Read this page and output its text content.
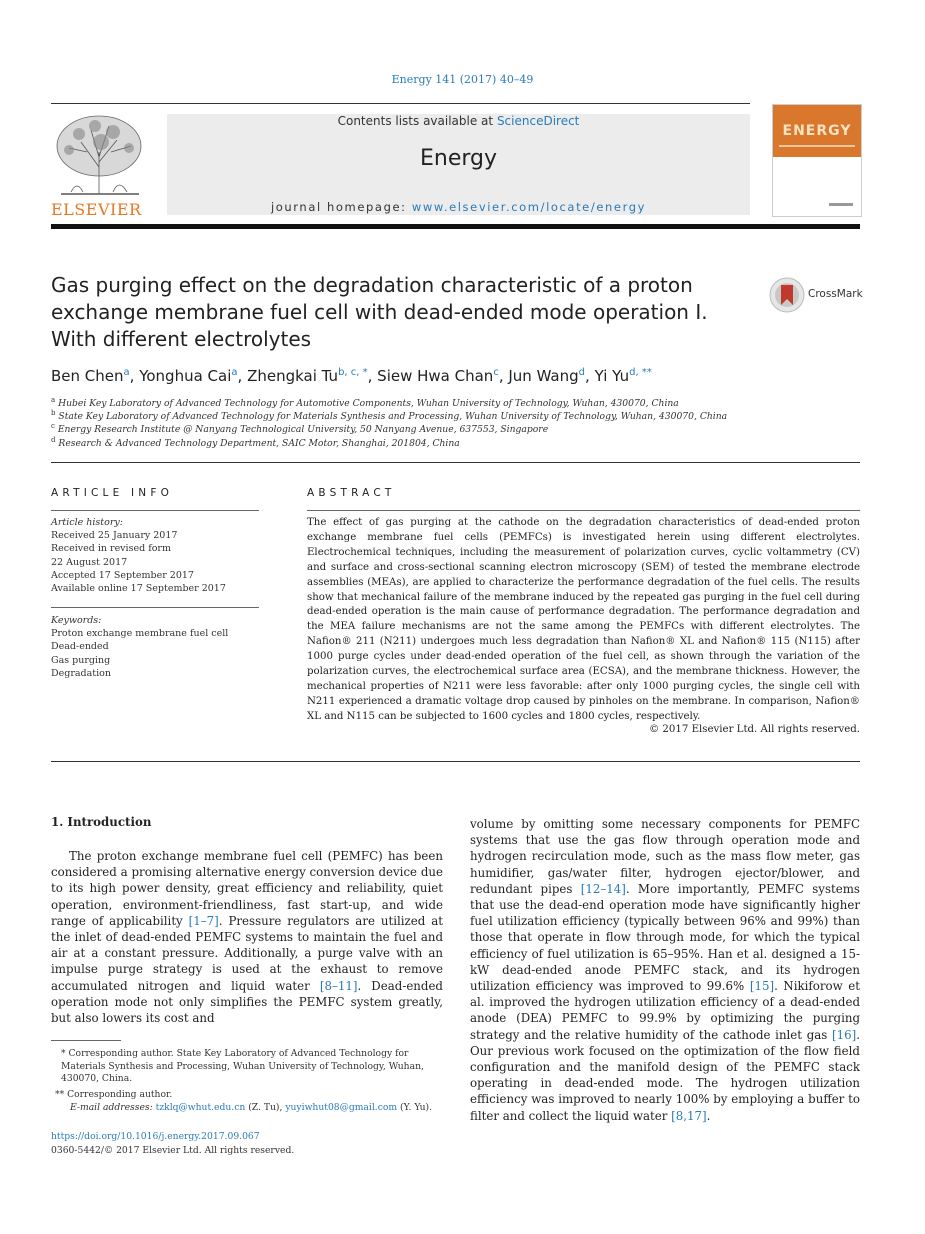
Energy 141 (2017) 40–49
ELSEVIER
Contents lists available at ScienceDirect
Energy
journal homepage: www.elsevier.com/locate/energy
ENERGY
Gas purging effect on the degradation characteristic of a proton exchange membrane fuel cell with dead-ended mode operation I. With different electrolytes
CrossMark
Ben Chen$^a$, Yonghua Cai$^a$, Zhengkai $Tu^{b, c, *}$, Siew Hwa Chan$^c$, Jun Wang$^d$, Yi $Yu^{d, **}$
$^a$ Hubei Key Laboratory of Advanced Technology for Automotive Components, Wuhan University of Technology, Wuhan, 430070, China
$^b$ State Key Laboratory of Advanced Technology for Materials Synthesis and Processing, Wuhan University of Technology, Wuhan, 430070, China
$^c$ Energy Research Institute @ Nanyang Technological University, 50 Nanyang Avenue, 637553, Singapore
$^d$ Research & Advanced Technology Department, SAIC Motor, Shanghai, 201804, China
ARTICLE INFO
Article history:
Received 25 January 2017
Received in revised form
22 August 2017
Accepted 17 September 2017
Available online 17 September 2017
Keywords:
Proton exchange membrane fuel cell
Dead-ended
Gas purging
Degradation
ABSTRACT
The effect of gas purging at the cathode on the degradation characteristics of dead-ended proton exchange membrane fuel cells (PEMFCs) is investigated herein using different electrolytes. Electrochemical techniques, including the measurement of polarization curves, cyclic voltammetry (CV) and surface and cross-sectional scanning electron microscopy (SEM) of tested the membrane electrode assemblies (MEAs), are applied to characterize the performance degradation of the fuel cells. The results show that mechanical failure of the membrane induced by the repeated gas purging in the fuel cell during dead-ended operation is the main cause of performance degradation. The performance degradation and the MEA failure mechanisms are not the same among the PEMFCs with different electrolytes. The Nafion® 211 (N211) undergoes much less degradation than Nafion® XL and Nafion® 115 (N115) after 1000 purge cycles under dead-ended operation of the fuel cell, as shown through the variation of the polarization curves, the electrochemical surface area (ECSA), and the membrane thickness. However, the mechanical properties of N211 were less favorable: after only 1000 purging cycles, the single cell with N211 experienced a dramatic voltage drop caused by pinholes on the membrane. In comparison, Nafion® XL and N115 can be subjected to 1600 cycles and 1800 cycles, respectively.
© 2017 Elsevier Ltd. All rights reserved.
1. Introduction

The proton exchange membrane fuel cell (PEMFC) has been considered a promising alternative energy conversion device due to its high power density, great efficiency and reliability, quiet operation, environment-friendliness, fast start-up, and wide range of applicability [1–7]. Pressure regulators are utilized at the inlet of dead-ended PEMFC systems to maintain the fuel and air at a constant pressure. Additionally, a purge valve with an impulse purge strategy is used at the exhaust to remove accumulated nitrogen and liquid water [8–11]. Dead-ended operation mode not only simplifies the PEMFC system greatly, but also lowers its cost and

volume by omitting some necessary components for PEMFC systems that use the gas flow through operation mode and hydrogen recirculation mode, such as the mass flow meter, gas humidifier, gas/water filter, hydrogen ejector/blower, and redundant pipes [12–14]. More importantly, PEMFC systems that use the dead-end operation mode have significantly higher fuel utilization efficiency (typically between 96% and 99%) than those that operate in flow through mode, for which the typical efficiency of fuel utilization is 65–95%. Han et al. designed a 15-kW dead-ended anode PEMFC stack, and its hydrogen utilization efficiency was improved to 99.6% [15]. Nikiforow et al. improved the hydrogen utilization efficiency of a dead-ended anode (DEA) PEMFC to 99.9% by optimizing the purging strategy and the relative humidity of the cathode inlet gas [16]. Our previous work focused on the optimization of the flow field configuration and the manifold design of the PEMFC stack operating in dead-ended mode. The hydrogen utilization efficiency was improved to nearly 100% by employing a buffer to filter and collect the liquid water [8,17].

* Corresponding author. State Key Laboratory of Advanced Technology for Materials Synthesis and Processing, Wuhan University of Technology, Wuhan, 430070, China.
** Corresponding author.
E-mail addresses: tzklq@whut.edu.cn (Z. Tu), yuyiwhut08@gmail.com (Y. Yu).
https://doi.org/10.1016/j.energy.2017.09.067
0360-5442/© 2017 Elsevier Ltd. All rights reserved.
